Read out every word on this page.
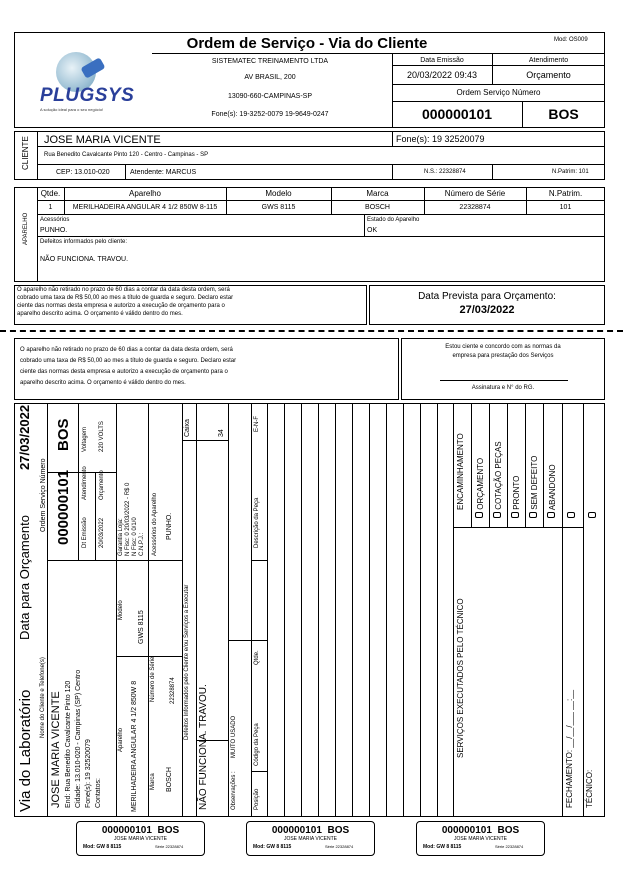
PLUGSYS
A solução ideal para o seu negócio!
Ordem de Serviço - Via do Cliente
SISTEMATEC TREINAMENTO LTDA
AV BRASIL, 200
13090-660-CAMPINAS-SP
Fone(s): 19-3252-0079 19-9649-0247
Mod: OS009
Data Emissão	Atendimento
20/03/2022 09:43	Orçamento
Ordem Serviço Número
000000101	BOS
CLIENTE JOSE MARIA VICENTE	Fone(s): 19 32520079
Rua Benedito Cavalcante Pinto 120 - Centro - Campinas - SP
CEP: 13.010-020	Atendente: MARCUS	N.S.: 22328874	N.Patrim: 101
APARELHO
Qtde.	Aparelho	Modelo	Marca	Número de Série	N.Patrim.
1	MERILHADEIRA ANGULAR 4 1/2 850W 8-115	GWS 8115	BOSCH	22328874	101
Acessórios
PUNHO.
Estado do Aparelho
OK
Defeitos informados pelo cliente:
NÃO FUNCIONA. TRAVOU.
O aparelho não retirado no prazo de 60 dias a contar da data desta ordem, será
cobrado uma taxa de R$ 50,00 ao mes a título de guarda e seguro. Declaro estar
ciente das normas desta empresa e autorizo a execução de orçamento para o
aparelho descrito acima. O orçamento é válido dentro do mes.
Data Prevista para Orçamento:
27/03/2022
O aparelho não retirado no prazo de 60 dias a contar da data desta ordem, será
cobrado uma taxa de R$ 50,00 ao mes a título de guarda e seguro. Declaro estar
ciente das normas desta empresa e autorizo a execução de orçamento para o
aparelho descrito acima. O orçamento é válido dentro do mes.
Estou ciente e concordo com as normas da
empresa para prestação dos Serviços
Assinatura e N° do RG.
Via do Laboratório
Data para Orçamento
27/03/2022
Nome do Cliente e Telefone(s) JOSE MARIA VICENTE End: Rua Benedito Cavalcante Pinto 120 Cidade: 13.010-020 - Campinas (SP) Centro Fone(s): 19 32520079 Contatos:
Ordem Serviço Número 000000101
BOS
Dt Emissão 20/03/2022
Atendimento Orçamento
Voltagem 220 VOLTS
Garantia Loja: N Fisc: 0 20/03/2022 - R$ 0 N Fisc: 0 0/1/0 C.N.P.J.:
Aparelho MERILHADEIRA ANGULAR 4 1/2 850W 8
Modelo
GWS 8115
Marca BOSCH
Número de Série 22328874
Acessórios do Aparelho PUNHO.
Defeitos Informados pelo Cliente e/ou Serviços a Executar
Caixa	34
NÃO FUNCIONA. TRAVOU.	Observações :
MUITO USADO
E-N-F
Descrição da Peça
Qtde.
Código da Peça
Posição
SERVIÇOS EXECUTADOS PELO TÉCNICO
ENCAMINHAMENTO ORÇAMENTO COTAÇÃO PEÇAS PRONTO SEM DEFEITO ABANDONO
FECHAMENTO: __/__/___ __:__ TÉCNICO:
000000101 BOS
JOSE MARIA VICENTE
Mod: GW 8 8115	Série 22328874
000000101 BOS
JOSE MARIA VICENTE
Mod: GW 8 8115	Série 22328874
000000101 BOS
JOSE MARIA VICENTE
Mod: GW 8 8115	Série 22328874
